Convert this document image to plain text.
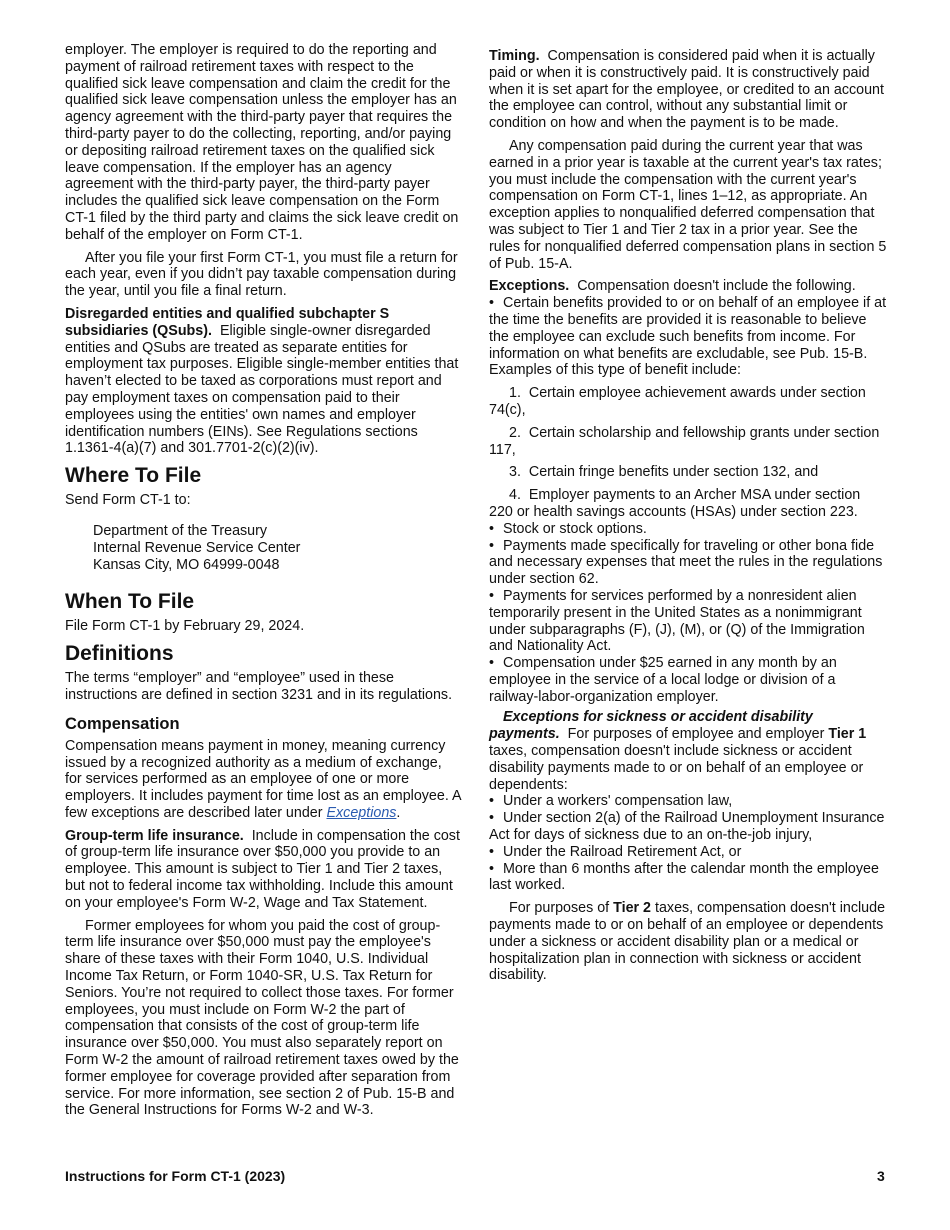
employer. The employer is required to do the reporting and payment of railroad retirement taxes with respect to the qualified sick leave compensation and claim the credit for the qualified sick leave compensation unless the employer has an agency agreement with the third-party payer that requires the third-party payer to do the collecting, reporting, and/or paying or depositing railroad retirement taxes on the qualified sick leave compensation. If the employer has an agency agreement with the third-party payer, the third-party payer includes the qualified sick leave compensation on the Form CT-1 filed by the third party and claims the sick leave credit on behalf of the employer on Form CT-1.

After you file your first Form CT-1, you must file a return for each year, even if you didn’t pay taxable compensation during the year, until you file a final return.

Disregarded entities and qualified subchapter S subsidiaries (QSubs). Eligible single-owner disregarded entities and QSubs are treated as separate entities for employment tax purposes. Eligible single-member entities that haven’t elected to be taxed as corporations must report and pay employment taxes on compensation paid to their employees using the entities' own names and employer identification numbers (EINs). See Regulations sections 1.1361-4(a)(7) and 301.7701-2(c)(2)(iv).

Where To File

Send Form CT-1 to:

Department of the Treasury
Internal Revenue Service Center
Kansas City, MO 64999-0048
When To File

File Form CT-1 by February 29, 2024.

Definitions

The terms “employer” and “employee” used in these instructions are defined in section 3231 and in its regulations.

Compensation

Compensation means payment in money, meaning currency issued by a recognized authority as a medium of exchange, for services performed as an employee of one or more employers. It includes payment for time lost as an employee. A few exceptions are described later under Exceptions.

Group-term life insurance. Include in compensation the cost of group-term life insurance over $50,000 you provide to an employee. This amount is subject to Tier 1 and Tier 2 taxes, but not to federal income tax withholding. Include this amount on your employee's Form W-2, Wage and Tax Statement.

Former employees for whom you paid the cost of group-term life insurance over $50,000 must pay the employee's share of these taxes with their Form 1040, U.S. Individual Income Tax Return, or Form 1040-SR, U.S. Tax Return for Seniors. You’re not required to collect those taxes. For former employees, you must include on Form W-2 the part of compensation that consists of the cost of group-term life insurance over $50,000. You must also separately report on Form W-2 the amount of railroad retirement taxes owed by the former employee for coverage provided after separation from service. For more information, see section 2 of Pub. 15-B and the General Instructions for Forms W-2 and W-3.

Timing. Compensation is considered paid when it is actually paid or when it is constructively paid. It is constructively paid when it is set apart for the employee, or credited to an account the employee can control, without any substantial limit or condition on how and when the payment is to be made.

Any compensation paid during the current year that was earned in a prior year is taxable at the current year's tax rates; you must include the compensation with the current year's compensation on Form CT-1, lines 1–12, as appropriate. An exception applies to nonqualified deferred compensation that was subject to Tier 1 and Tier 2 tax in a prior year. See the rules for nonqualified deferred compensation plans in section 5 of Pub. 15-A.

Exceptions. Compensation doesn't include the following.

• Certain benefits provided to or on behalf of an employee if at the time the benefits are provided it is reasonable to believe the employee can exclude such benefits from income. For information on what benefits are excludable, see Pub. 15-B. Examples of this type of benefit include:

1.  Certain employee achievement awards under section 74(c),

2.  Certain scholarship and fellowship grants under section 117,

3.  Certain fringe benefits under section 132, and

4.  Employer payments to an Archer MSA under section 220 or health savings accounts (HSAs) under section 223.

• Stock or stock options.

• Payments made specifically for traveling or other bona fide and necessary expenses that meet the rules in the regulations under section 62.

• Payments for services performed by a nonresident alien temporarily present in the United States as a nonimmigrant under subparagraphs (F), (J), (M), or (Q) of the Immigration and Nationality Act.

• Compensation under $25 earned in any month by an employee in the service of a local lodge or division of a railway-labor-organization employer.

Exceptions for sickness or accident disability payments. For purposes of employee and employer Tier 1 taxes, compensation doesn't include sickness or accident disability payments made to or on behalf of an employee or dependents:

• Under a workers' compensation law,

• Under section 2(a) of the Railroad Unemployment Insurance Act for days of sickness due to an on-the-job injury,

• Under the Railroad Retirement Act, or

• More than 6 months after the calendar month the employee last worked.

For purposes of Tier 2 taxes, compensation doesn't include payments made to or on behalf of an employee or dependents under a sickness or accident disability plan or a medical or hospitalization plan in connection with sickness or accident disability.

Instructions for Form CT-1 (2023)	3
